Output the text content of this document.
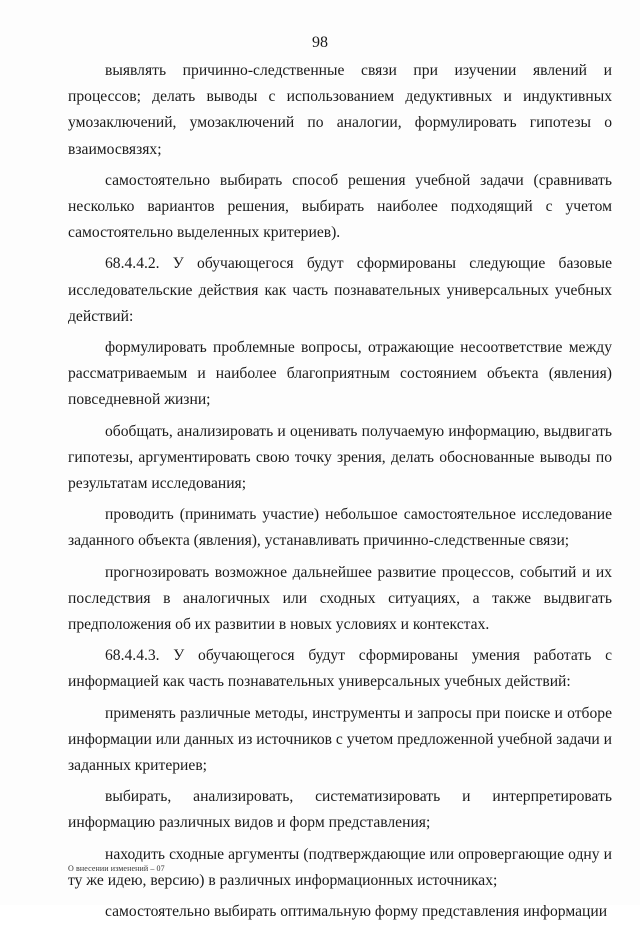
98

выявлять причинно-следственные связи при изучении явлений и процессов; делать выводы с использованием дедуктивных и индуктивных умозаключений, умозаключений по аналогии, формулировать гипотезы о взаимосвязях;

самостоятельно выбирать способ решения учебной задачи (сравнивать несколько вариантов решения, выбирать наиболее подходящий с учетом самостоятельно выделенных критериев).

68.4.4.2. У обучающегося будут сформированы следующие базовые исследовательские действия как часть познавательных универсальных учебных действий:

формулировать проблемные вопросы, отражающие несоответствие между рассматриваемым и наиболее благоприятным состоянием объекта (явления) повседневной жизни;

обобщать, анализировать и оценивать получаемую информацию, выдвигать гипотезы, аргументировать свою точку зрения, делать обоснованные выводы по результатам исследования;

проводить (принимать участие) небольшое самостоятельное исследование заданного объекта (явления), устанавливать причинно-следственные связи;

прогнозировать возможное дальнейшее развитие процессов, событий и их последствия в аналогичных или сходных ситуациях, а также выдвигать предположения об их развитии в новых условиях и контекстах.

68.4.4.3. У обучающегося будут сформированы умения работать с информацией как часть познавательных универсальных учебных действий:

применять различные методы, инструменты и запросы при поиске и отборе информации или данных из источников с учетом предложенной учебной задачи и заданных критериев;

выбирать, анализировать, систематизировать и интерпретировать информацию различных видов и форм представления;

находить сходные аргументы (подтверждающие или опровергающие одну и ту же идею, версию) в различных информационных источниках;

самостоятельно выбирать оптимальную форму представления информации

О внесении изменений – 07
